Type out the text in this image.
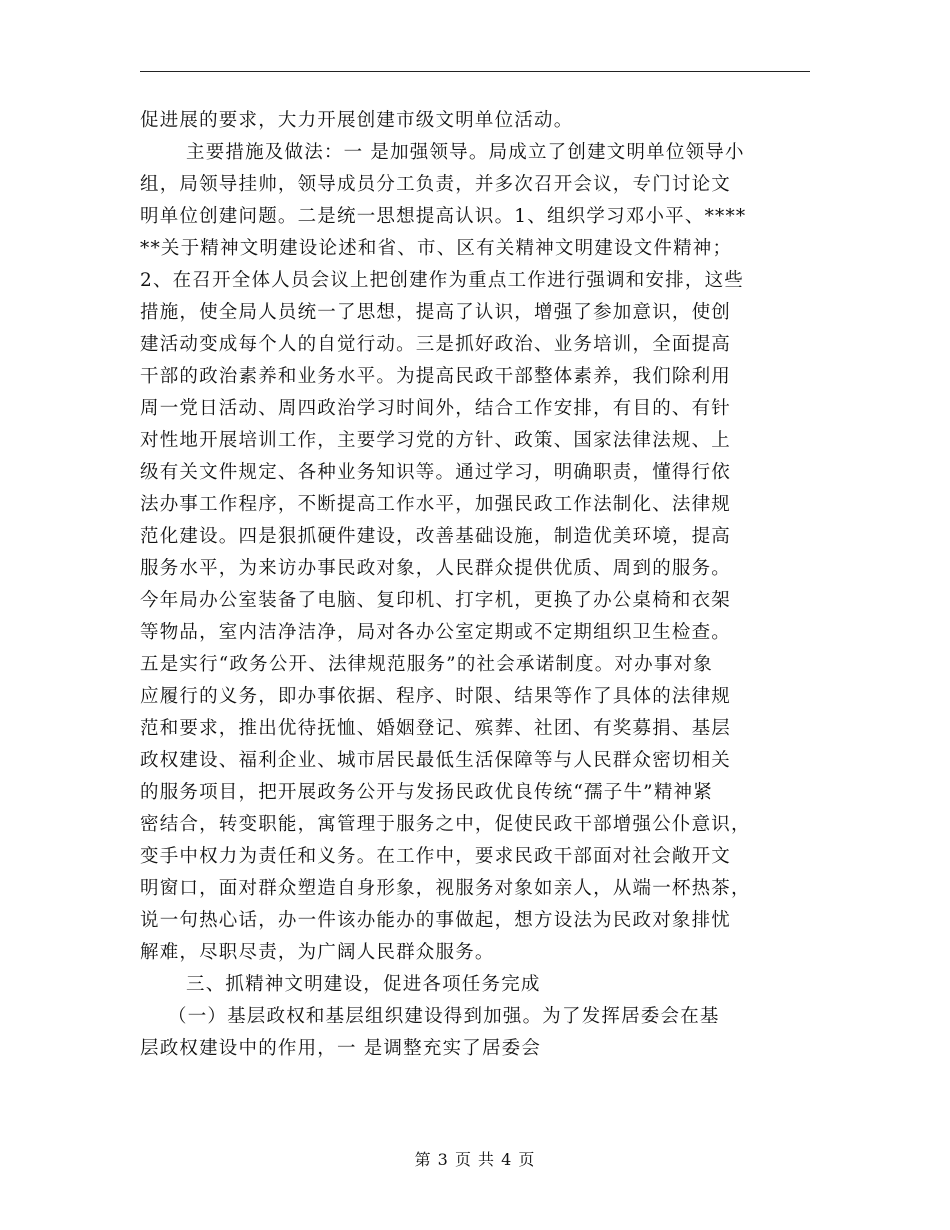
促进展的要求，大力开展创建市级文明单位活动。
主要措施及做法：一 是加强领导。局成立了创建文明单位领导小
组，局领导挂帅，领导成员分工负责，并多次召开会议，专门讨论文
明单位创建问题。二是统一思想提高认识。1、组织学习邓小平、****
**关于精神文明建设论述和省、市、区有关精神文明建设文件精神；
2、在召开全体人员会议上把创建作为重点工作进行强调和安排，这些
措施，使全局人员统一了思想，提高了认识，增强了参加意识，使创
建活动变成每个人的自觉行动。三是抓好政治、业务培训，全面提高
干部的政治素养和业务水平。为提高民政干部整体素养，我们除利用
周一党日活动、周四政治学习时间外，结合工作安排，有目的、有针
对性地开展培训工作，主要学习党的方针、政策、国家法律法规、上
级有关文件规定、各种业务知识等。通过学习，明确职责，懂得行依
法办事工作程序，不断提高工作水平，加强民政工作法制化、法律规
范化建设。四是狠抓硬件建设，改善基础设施，制造优美环境，提高
服务水平，为来访办事民政对象，人民群众提供优质、周到的服务。
今年局办公室装备了电脑、复印机、打字机，更换了办公桌椅和衣架
等物品，室内洁净洁净，局对各办公室定期或不定期组织卫生检查。
五是实行“政务公开、法律规范服务”的社会承诺制度。对办事对象
应履行的义务，即办事依据、程序、时限、结果等作了具体的法律规
范和要求，推出优待抚恤、婚姻登记、殡葬、社团、有奖募捐、基层
政权建设、福利企业、城市居民最低生活保障等与人民群众密切相关
的服务项目，把开展政务公开与发扬民政优良传统“孺子牛”精神紧
密结合，转变职能，寓管理于服务之中，促使民政干部增强公仆意识，
变手中权力为责任和义务。在工作中，要求民政干部面对社会敞开文
明窗口，面对群众塑造自身形象，视服务对象如亲人，从端一杯热茶，
说一句热心话，办一件该办能办的事做起，想方设法为民政对象排忧
解难，尽职尽责，为广阔人民群众服务。
三、抓精神文明建设，促进各项任务完成
（一）基层政权和基层组织建设得到加强。为了发挥居委会在基
层政权建设中的作用，一 是调整充实了居委会
第 3 页 共 4 页
